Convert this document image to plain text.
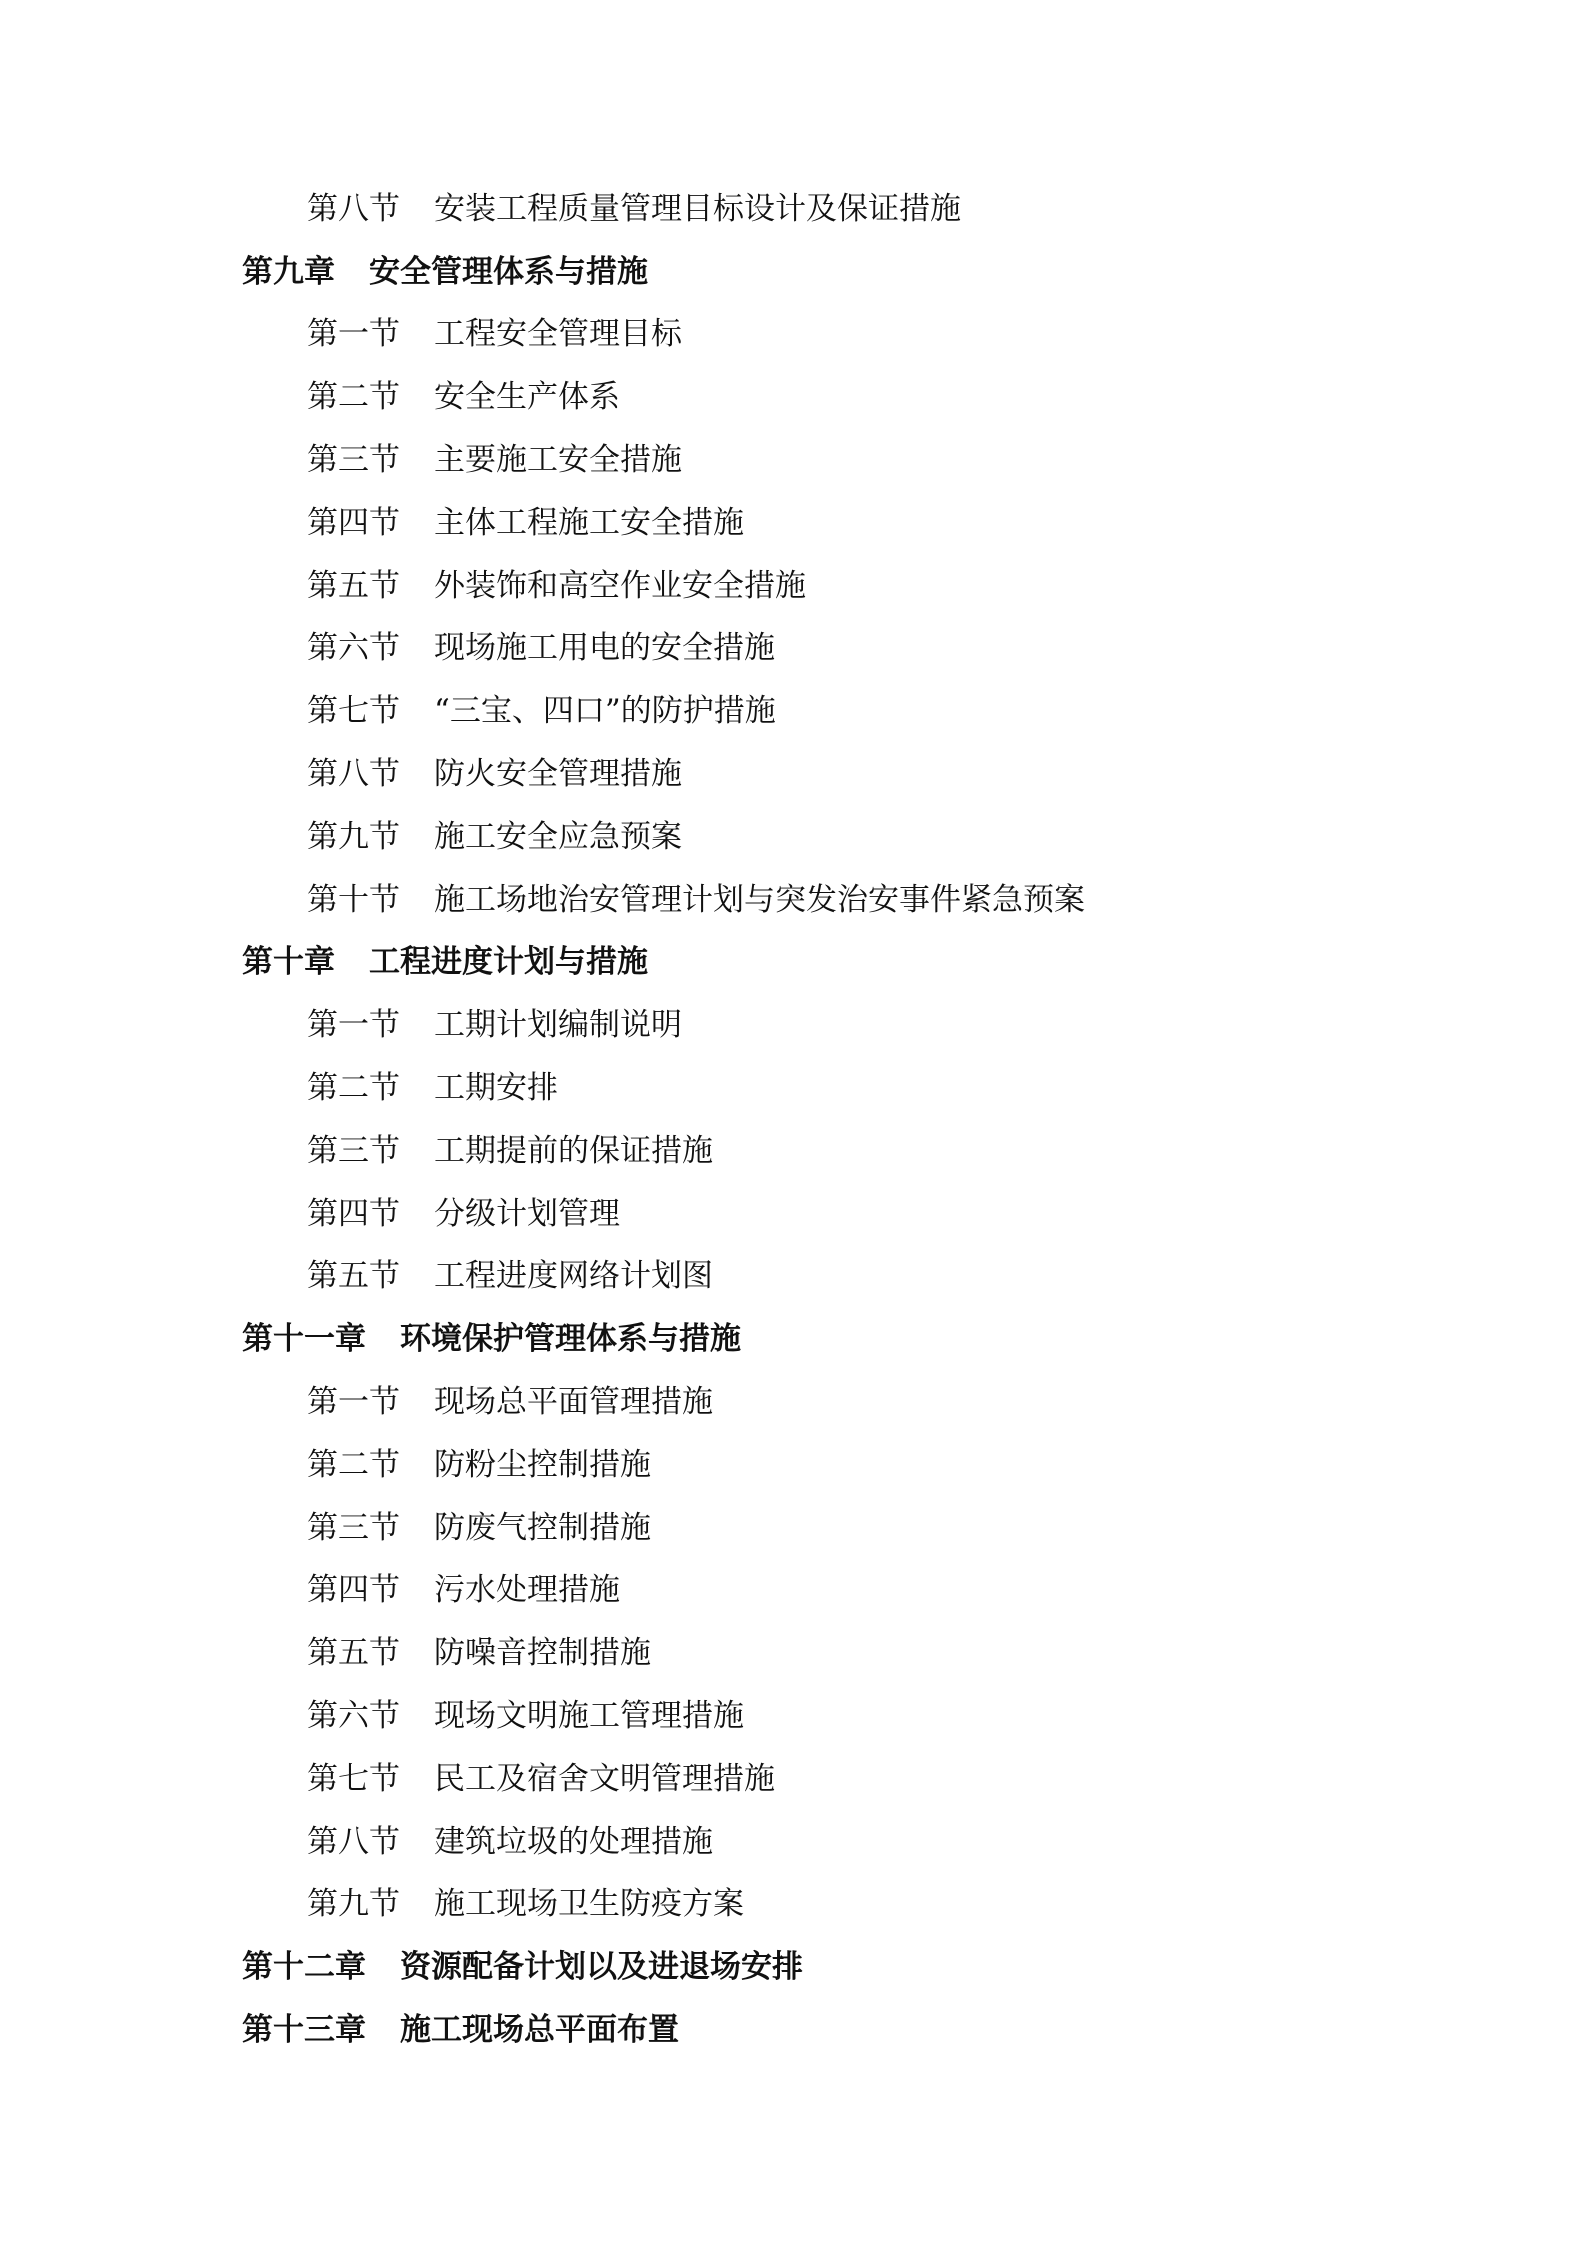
第八节 安装工程质量管理目标设计及保证措施
第九章 安全管理体系与措施
第一节 工程安全管理目标
第二节 安全生产体系
第三节 主要施工安全措施
第四节 主体工程施工安全措施
第五节 外装饰和高空作业安全措施
第六节 现场施工用电的安全措施
第七节 “三宝、四口”的防护措施
第八节 防火安全管理措施
第九节 施工安全应急预案
第十节 施工场地治安管理计划与突发治安事件紧急预案
第十章 工程进度计划与措施
第一节 工期计划编制说明
第二节 工期安排
第三节 工期提前的保证措施
第四节 分级计划管理
第五节 工程进度网络计划图
第十一章 环境保护管理体系与措施
第一节 现场总平面管理措施
第二节 防粉尘控制措施
第三节 防废气控制措施
第四节 污水处理措施
第五节 防噪音控制措施
第六节 现场文明施工管理措施
第七节 民工及宿舍文明管理措施
第八节 建筑垃圾的处理措施
第九节 施工现场卫生防疫方案
第十二章 资源配备计划以及进退场安排
第十三章 施工现场总平面布置
